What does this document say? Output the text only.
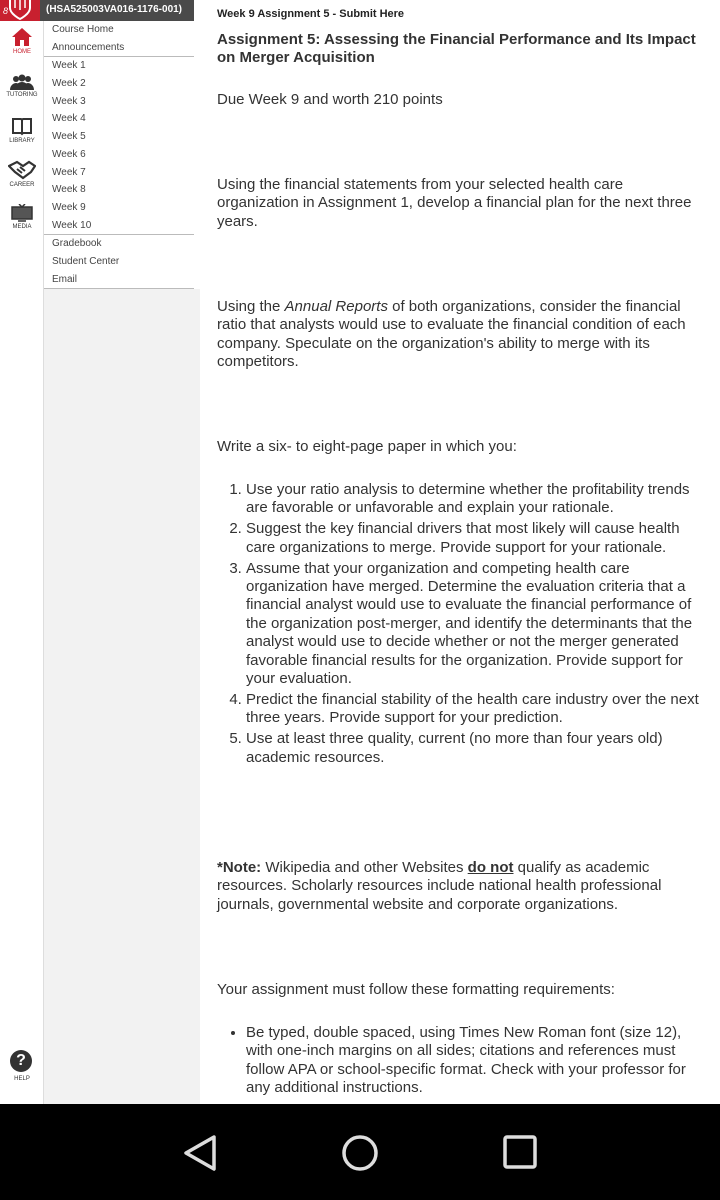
8
HOME
TUTORING
LIBRARY
CAREER
MEDIA
?
HELP
(HSA525003VA016-1176-001)
Course Home
Announcements
Week 1
Week 2
Week 3
Week 4
Week 5
Week 6
Week 7
Week 8
Week 9
Week 10
Gradebook
Student Center
Email
Week 9 Assignment 5 - Submit Here
Assignment 5: Assessing the Financial Performance and Its Impact on Merger Acquisition

Due Week 9 and worth 210 points

Using the financial statements from your selected health care organization in Assignment 1, develop a financial plan for the next three years.

Using the Annual Reports of both organizations, consider the financial ratio that analysts would use to evaluate the financial condition of each company. Speculate on the organization's ability to merge with its competitors.

Write a six- to eight-page paper in which you:

1. Use your ratio analysis to determine whether the profitability trends are favorable or unfavorable and explain your rationale.
2. Suggest the key financial drivers that most likely will cause health care organizations to merge. Provide support for your rationale.
3. Assume that your organization and competing health care organization have merged. Determine the evaluation criteria that a financial analyst would use to evaluate the financial performance of the organization post-merger, and identify the determinants that the analyst would use to decide whether or not the merger generated favorable financial results for the organization. Provide support for your evaluation.
4. Predict the financial stability of the health care industry over the next three years. Provide support for your prediction.
5. Use at least three quality, current (no more than four years old) academic resources.

*Note: Wikipedia and other Websites do not qualify as academic resources. Scholarly resources include national health professional journals, governmental website and corporate organizations.

Your assignment must follow these formatting requirements:

• Be typed, double spaced, using Times New Roman font (size 12), with one-inch margins on all sides; citations and references must follow APA or school-specific format. Check with your professor for any additional instructions.
